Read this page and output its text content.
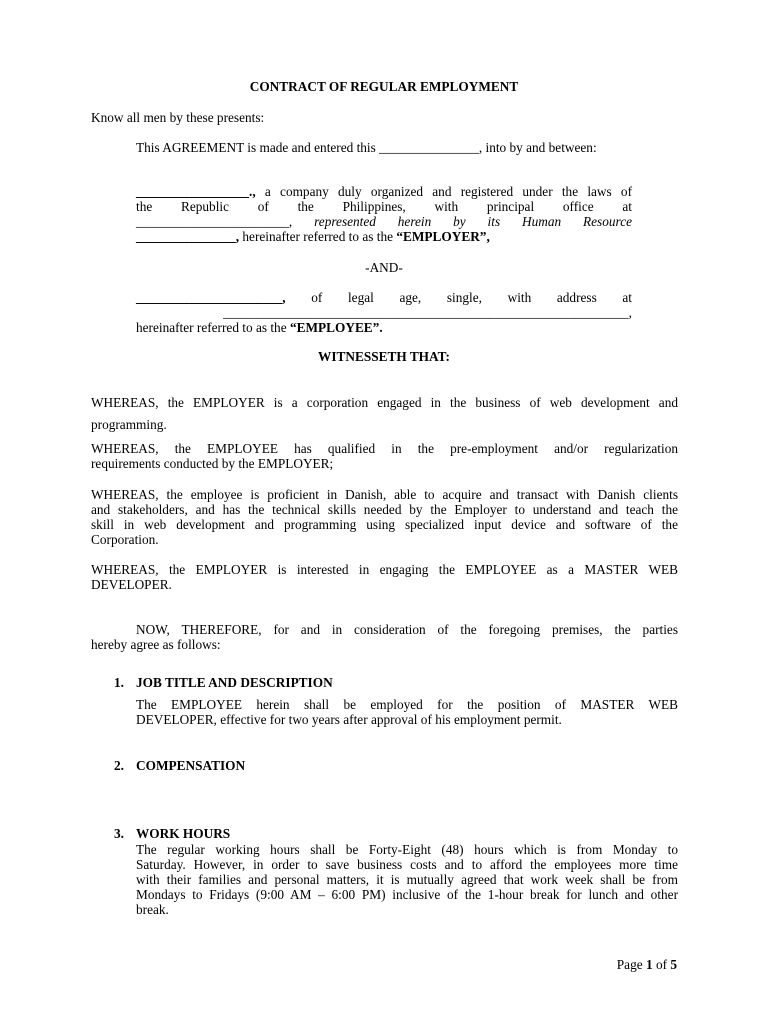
CONTRACT OF REGULAR EMPLOYMENT
Know all men by these presents:
This AGREEMENT is made and entered this _______________, into by and between:
_________________., a company duly organized and registered under the laws of
the Republic of the Philippines, with principal office at
_______________________, represented herein by its Human Resource
_______________, hereinafter referred to as the “EMPLOYER”,
-AND-
______________________, of legal age, single, with address at
_____________________________________________________________,
hereinafter referred to as the “EMPLOYEE”.
WITNESSETH THAT:
WHEREAS, the EMPLOYER is a corporation engaged in the business of web development and
programming.
WHEREAS, the EMPLOYEE has qualified in the pre-employment and/or regularization
requirements conducted by the EMPLOYER;
WHEREAS, the employee is proficient in Danish, able to acquire and transact with Danish clients
and stakeholders, and has the technical skills needed by the Employer to understand and teach the
skill in web development and programming using specialized input device and software of the
Corporation.
WHEREAS, the EMPLOYER is interested in engaging the EMPLOYEE as a MASTER WEB
DEVELOPER.
NOW, THEREFORE, for and in consideration of the foregoing premises, the parties
hereby agree as follows:
1. JOB TITLE AND DESCRIPTION
The EMPLOYEE herein shall be employed for the position of MASTER WEB
DEVELOPER, effective for two years after approval of his employment permit.
2. COMPENSATION
3. WORK HOURS
The regular working hours shall be Forty-Eight (48) hours which is from Monday to
Saturday. However, in order to save business costs and to afford the employees more time
with their families and personal matters, it is mutually agreed that work week shall be from
Mondays to Fridays (9:00 AM – 6:00 PM) inclusive of the 1-hour break for lunch and other
break.
Page 1 of 5
